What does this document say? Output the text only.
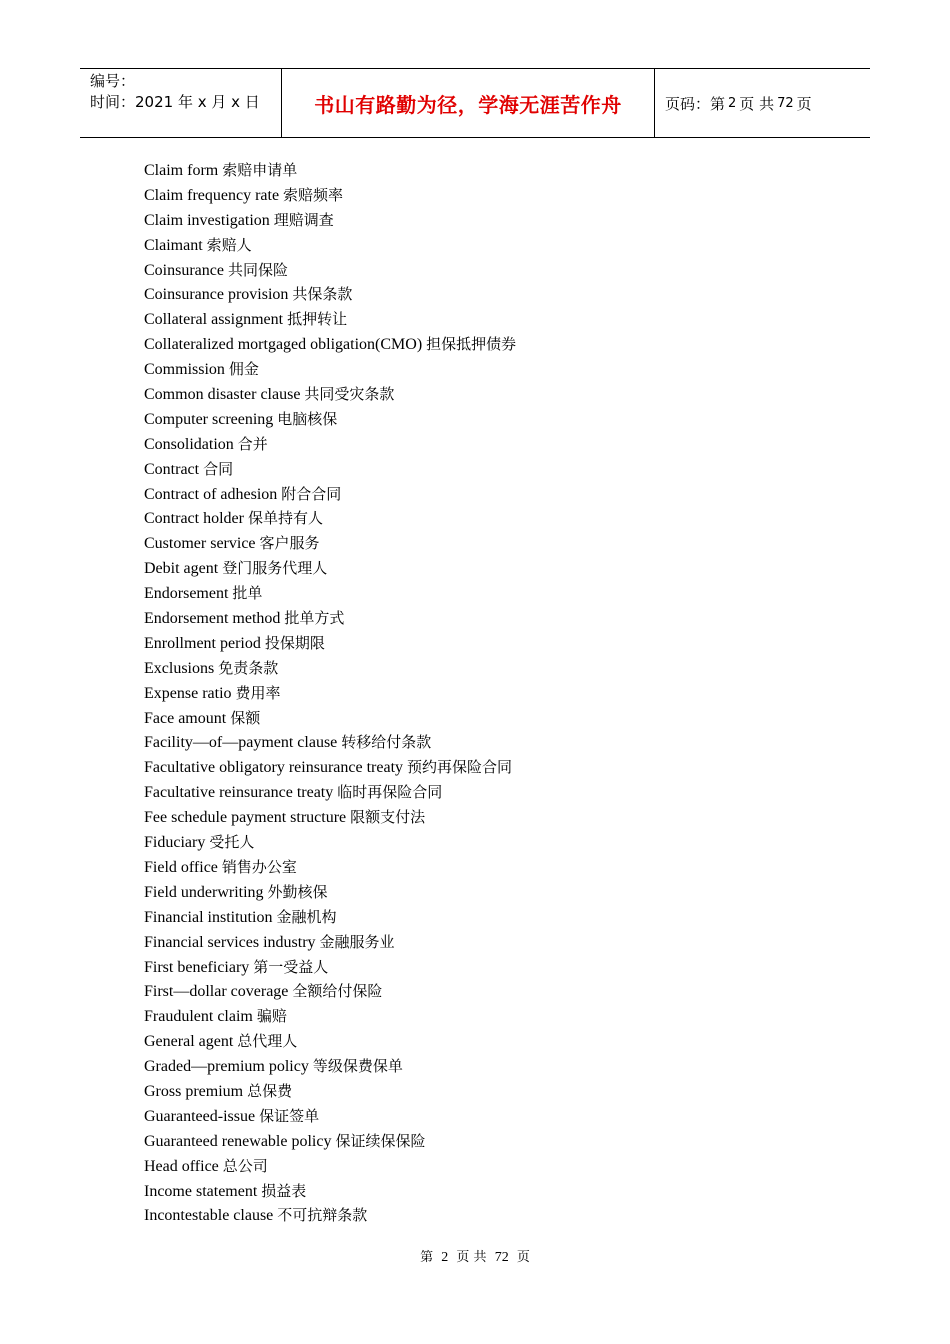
编号：
时间：2021 年 x 月 x 日	书山有路勤为径，学海无涯苦作舟	页码：第 2 页 共 72 页
Claim form 索赔申请单
Claim frequency rate 索赔频率
Claim investigation 理赔调查
Claimant 索赔人
Coinsurance 共同保险
Coinsurance provision 共保条款
Collateral assignment 抵押转让
Collateralized mortgaged obligation(CMO) 担保抵押债券
Commission 佣金
Common disaster clause 共同受灾条款
Computer screening 电脑核保
Consolidation 合并
Contract 合同
Contract of adhesion 附合合同
Contract holder 保单持有人
Customer service 客户服务
Debit agent 登门服务代理人
Endorsement 批单
Endorsement method 批单方式
Enrollment period 投保期限
Exclusions 免责条款
Expense ratio 费用率
Face amount 保额
Facility—of—payment clause 转移给付条款
Facultative obligatory reinsurance treaty 预约再保险合同
Facultative reinsurance treaty 临时再保险合同
Fee schedule payment structure 限额支付法
Fiduciary 受托人
Field office 销售办公室
Field underwriting 外勤核保
Financial institution 金融机构
Financial services industry 金融服务业
First beneficiary 第一受益人
First—dollar coverage 全额给付保险
Fraudulent claim 骗赔
General agent 总代理人
Graded—premium policy 等级保费保单
Gross premium 总保费
Guaranteed-issue 保证签单
Guaranteed renewable policy 保证续保保险
Head office 总公司
Income statement 损益表
Incontestable clause 不可抗辩条款
第 2 页 共 72 页
